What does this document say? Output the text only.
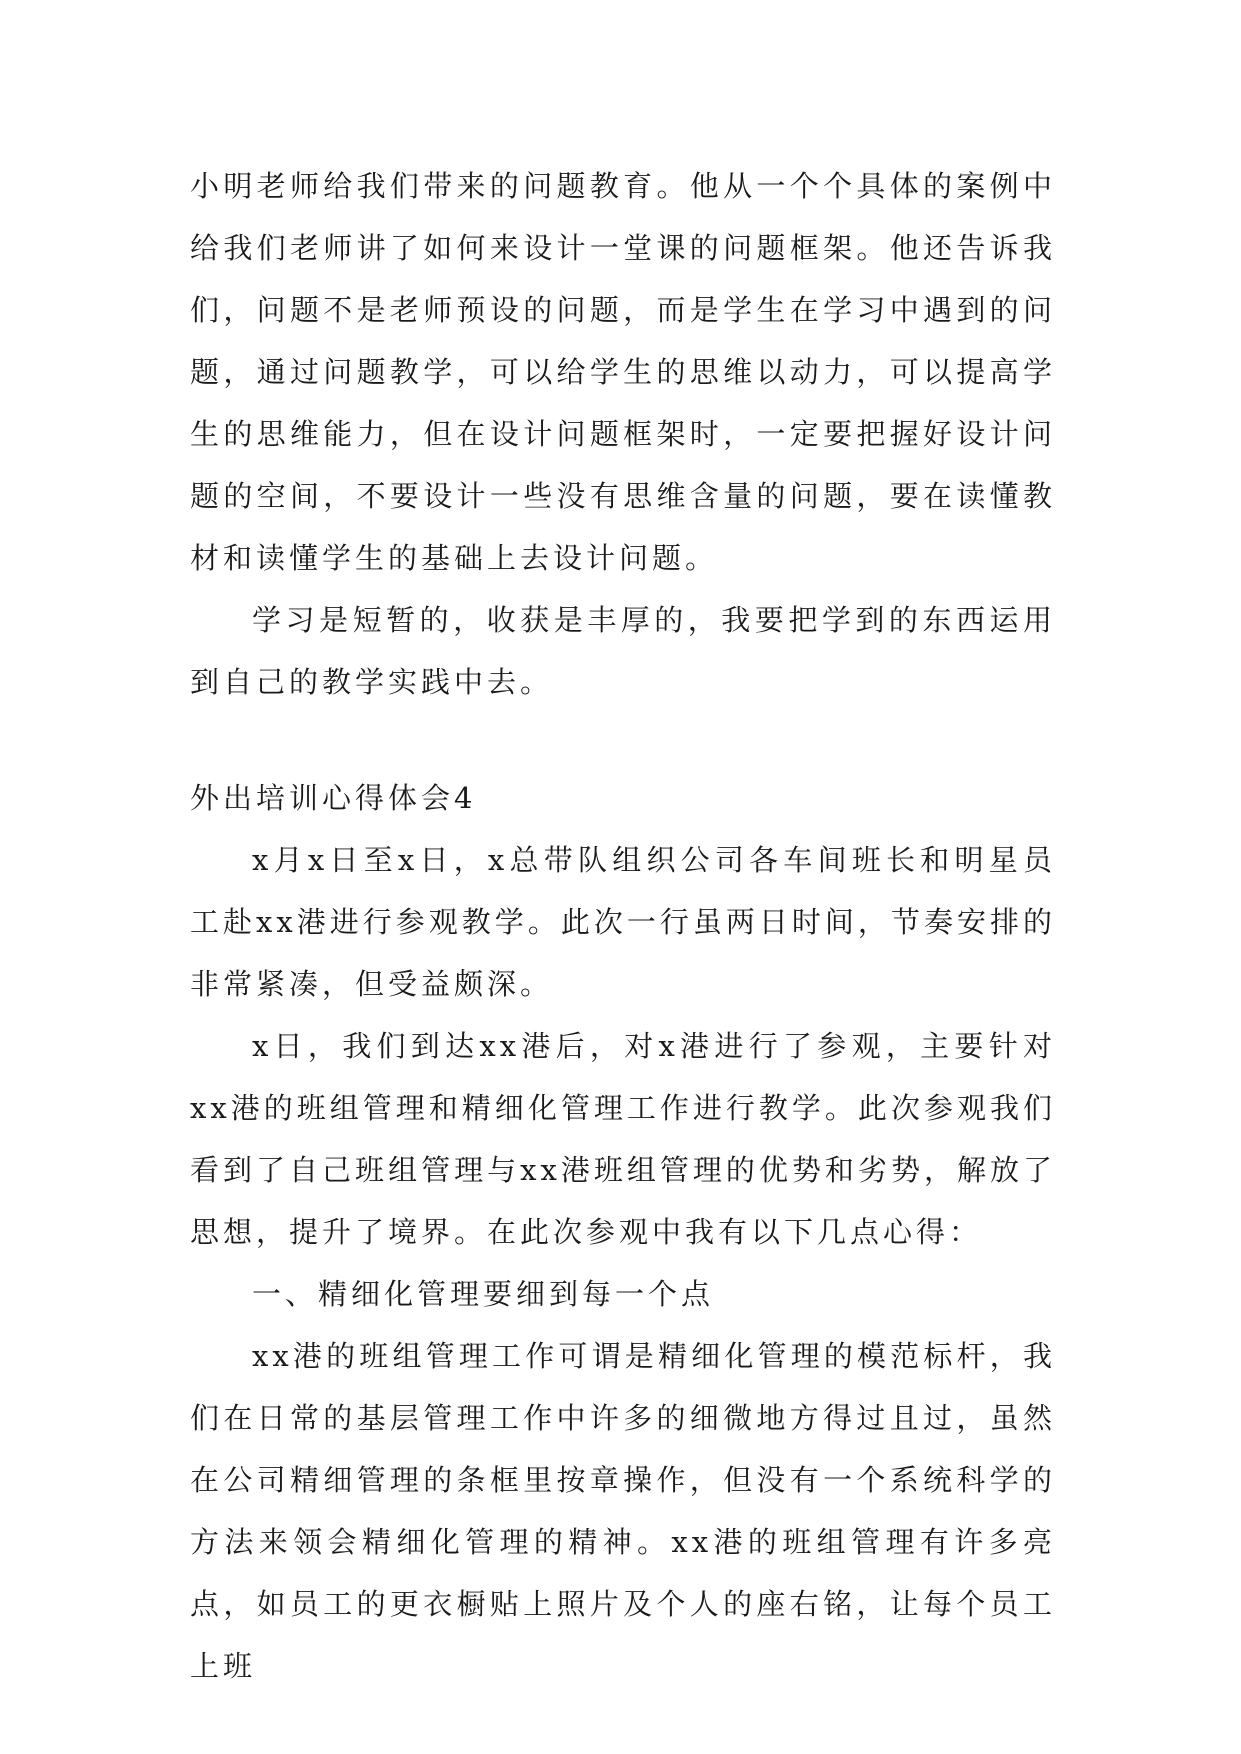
小明老师给我们带来的问题教育。他从一个个具体的案例中给我们老师讲了如何来设计一堂课的问题框架。他还告诉我们，问题不是老师预设的问题，而是学生在学习中遇到的问题，通过问题教学，可以给学生的思维以动力，可以提高学生的思维能力，但在设计问题框架时，一定要把握好设计问题的空间，不要设计一些没有思维含量的问题，要在读懂教材和读懂学生的基础上去设计问题。

学习是短暂的，收获是丰厚的，我要把学到的东西运用到自己的教学实践中去。

外出培训心得体会4

x月x日至x日，x总带队组织公司各车间班长和明星员工赴xx港进行参观教学。此次一行虽两日时间，节奏安排的非常紧凑，但受益颇深。

x日，我们到达xx港后，对x港进行了参观，主要针对xx港的班组管理和精细化管理工作进行教学。此次参观我们看到了自己班组管理与xx港班组管理的优势和劣势，解放了思想，提升了境界。在此次参观中我有以下几点心得：

一、精细化管理要细到每一个点

xx港的班组管理工作可谓是精细化管理的模范标杆，我们在日常的基层管理工作中许多的细微地方得过且过，虽然在公司精细管理的条框里按章操作，但没有一个系统科学的方法来领会精细化管理的精神。xx港的班组管理有许多亮点，如员工的更衣橱贴上照片及个人的座右铭，让每个员工上班
